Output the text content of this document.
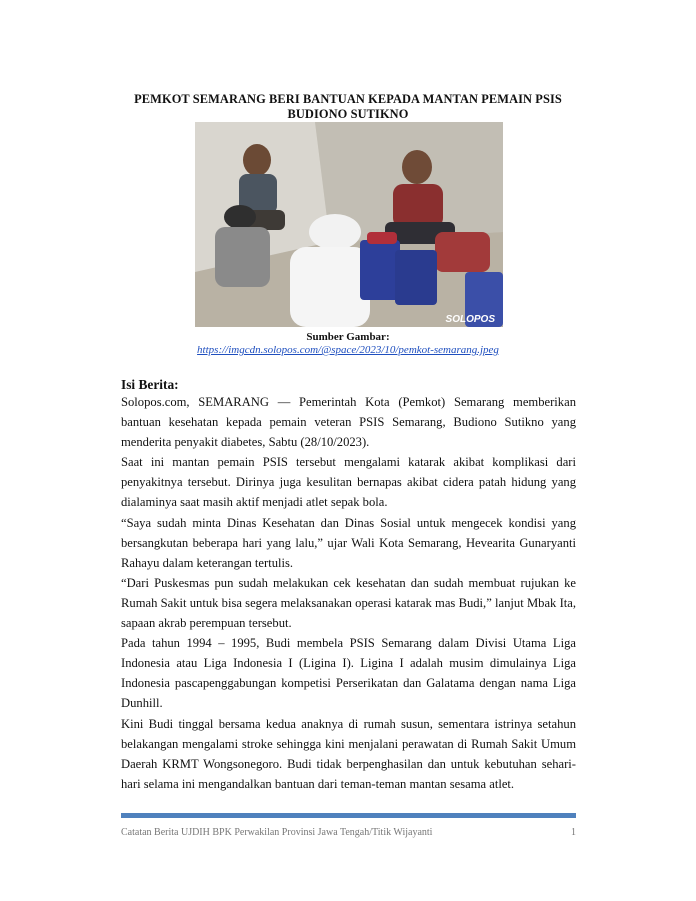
PEMKOT SEMARANG BERI BANTUAN KEPADA MANTAN PEMAIN PSIS
BUDIONO SUTIKNO
SOLOPOS
Sumber Gambar:
https://imgcdn.solopos.com/@space/2023/10/pemkot-semarang.jpeg
Isi Berita:

Solopos.com, SEMARANG — Pemerintah Kota (Pemkot) Semarang memberikan bantuan kesehatan kepada pemain veteran PSIS Semarang, Budiono Sutikno yang menderita penyakit diabetes, Sabtu (28/10/2023).

Saat ini mantan pemain PSIS tersebut mengalami katarak akibat komplikasi dari penyakitnya tersebut. Dirinya juga kesulitan bernapas akibat cidera patah hidung yang dialaminya saat masih aktif menjadi atlet sepak bola.

“Saya sudah minta Dinas Kesehatan dan Dinas Sosial untuk mengecek kondisi yang bersangkutan beberapa hari yang lalu,” ujar Wali Kota Semarang, Hevearita Gunaryanti Rahayu dalam keterangan tertulis.

“Dari Puskesmas pun sudah melakukan cek kesehatan dan sudah membuat rujukan ke Rumah Sakit untuk bisa segera melaksanakan operasi katarak mas Budi,” lanjut Mbak Ita, sapaan akrab perempuan tersebut.

Pada tahun 1994 – 1995, Budi membela PSIS Semarang dalam Divisi Utama Liga Indonesia atau Liga Indonesia I (Ligina I). Ligina I adalah musim dimulainya Liga Indonesia pascapenggabungan kompetisi Perserikatan dan Galatama dengan nama Liga Dunhill.

Kini Budi tinggal bersama kedua anaknya di rumah susun, sementara istrinya setahun belakangan mengalami stroke sehingga kini menjalani perawatan di Rumah Sakit Umum Daerah KRMT Wongsonegoro. Budi tidak berpenghasilan dan untuk kebutuhan sehari-hari selama ini mengandalkan bantuan dari teman-teman mantan sesama atlet.

Catatan Berita UJDIH BPK Perwakilan Provinsi Jawa Tengah/Titik Wijayanti	1
